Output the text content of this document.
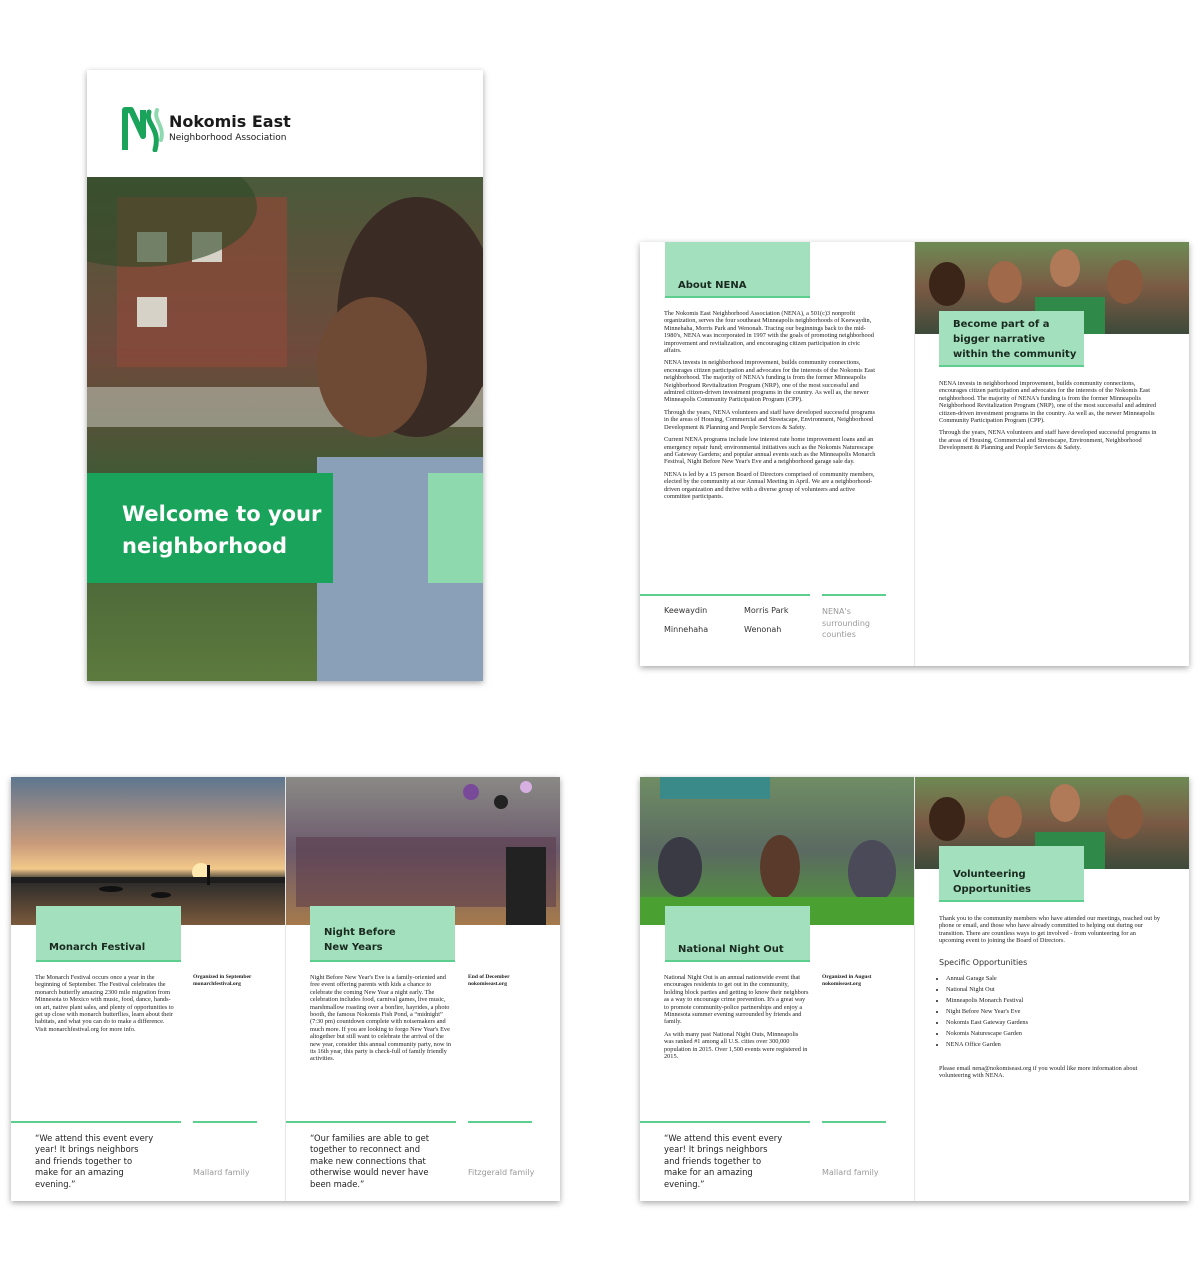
Nokomis East
Neighborhood Association
Welcome to your neighborhood
About NENA

The Nokomis East Neighborhood Association (NENA), a 501(c)3 nonprofit organization, serves the four southeast Minneapolis neighborhoods of Keewaydin, Minnehaha, Morris Park and Wenonah. Tracing our beginnings back to the mid-1980's, NENA was incorporated in 1997 with the goals of promoting neighborhood improvement and revitalization, and encouraging citizen participation in civic affairs.

NENA invests in neighborhood improvement, builds community connections, encourages citizen participation and advocates for the interests of the Nokomis East neighborhood. The majority of NENA's funding is from the former Minneapolis Neighborhood Revitalization Program (NRP), one of the most successful and admired citizen-driven investment programs in the country. As well as, the newer Minneapolis Community Participation Program (CPP).

Through the years, NENA volunteers and staff have developed successful programs in the areas of Housing, Commercial and Streetscape, Environment, Neighborhood Development & Planning and People Services & Safety.

Current NENA programs include low interest rate home improvement loans and an emergency repair fund; environmental initiatives such as the Nokomis Naturescape and Gateway Gardens; and popular annual events such as the Minneapolis Monarch Festival, Night Before New Year's Eve and a neighborhood garage sale day.

NENA is led by a 15 person Board of Directors comprised of community members, elected by the community at our Annual Meeting in April. We are a neighborhood-driven organization and thrive with a diverse group of volunteers and active committee participants.

Keewaydin	Morris Park
Minnehaha	Wenonah
NENA's surrounding counties
Become part of a bigger narrative within the community

NENA invests in neighborhood improvement, builds community connections, encourages citizen participation and advocates for the interests of the Nokomis East neighborhood. The majority of NENA's funding is from the former Minneapolis Neighborhood Revitalization Program (NRP), one of the most successful and admired citizen-driven investment programs in the country. As well as, the newer Minneapolis Community Participation Program (CPP).

Through the years, NENA volunteers and staff have developed successful programs in the areas of Housing, Commercial and Streetscape, Environment, Neighborhood Development & Planning and People Services & Safety.

Monarch Festival
The Monarch Festival occurs once a year in the beginning of September. The Festival celebrates the monarch butterfly amazing 2300 mile migration from Minnesota to Mexico with music, food, dance, hands-on art, native plant sales, and plenty of opportunities to get up close with monarch butterflies, learn about their habitats, and what you can do to make a difference. Visit monarchfestival.org for more info.
Organized in September
monarchfestival.org
“We attend this event every year! It brings neighbors and friends together to make for an amazing evening.”
Mallard family
Night Before New Years
Night Before New Year's Eve is a family-oriented and free event offering parents with kids a chance to celebrate the coming New Year a night early. The celebration includes food, carnival games, live music, marshmallow roasting over a bonfire, hayrides, a photo booth, the famous Nokomis Fish Pond, a “midnight” (7:30 pm) countdown complete with noisemakers and much more. If you are looking to forgo New Year's Eve altogether but still want to celebrate the arrival of the new year, consider this annual community party, now in its 16th year, this party is check-full of family friendly activities.
End of December
nokomiseast.org
“Our families are able to get together to reconnect and make new connections that otherwise would never have been made.”
Fitzgerald family
National Night Out

National Night Out is an annual nationwide event that encourages residents to get out in the community, holding block parties and getting to know their neighbors as a way to encourage crime prevention. It's a great way to promote community-police partnerships and enjoy a Minnesota summer evening surrounded by friends and family.

As with many past National Night Outs, Minneapolis was ranked #1 among all U.S. cities over 300,000 population in 2015. Over 1,500 events were registered in 2015.

Organized in August
nokomiseast.org
“We attend this event every year! It brings neighbors and friends together to make for an amazing evening.”
Mallard family
Volunteering Opportunities
Thank you to the community members who have attended our meetings, reached out by phone or email, and those who have already committed to helping out during our transition. There are countless ways to get involved - from volunteering for an upcoming event to joining the Board of Directors.
Specific Opportunities
• Annual Garage Sale
• National Night Out
• Minneapolis Monarch Festival
• Night Before New Year's Eve
• Nokomis East Gateway Gardens
• Nokomis Naturescape Garden
• NENA Office Garden
Please email nena@nokomiseast.org if you would like more information about volunteering with NENA.
